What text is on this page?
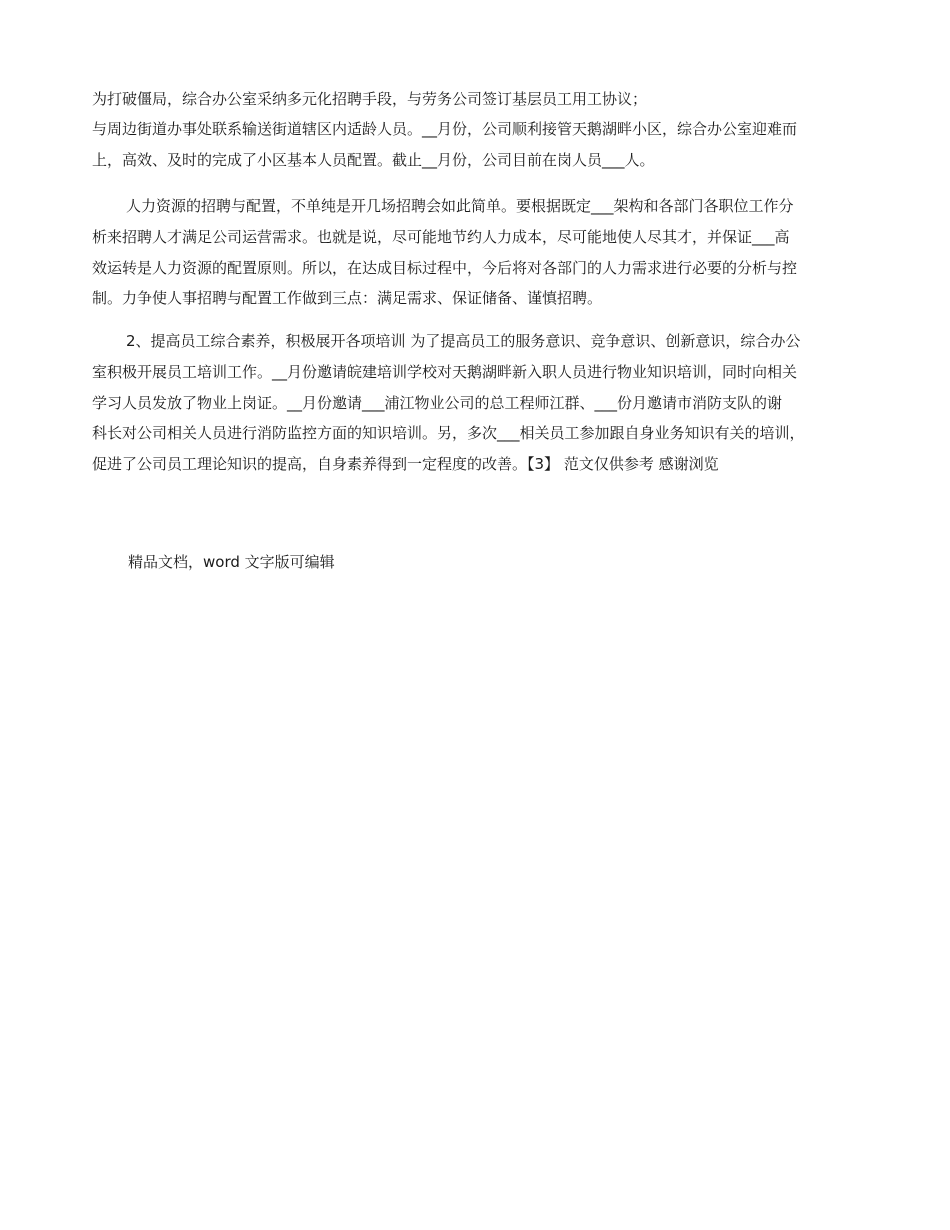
为打破僵局，综合办公室采纳多元化招聘手段，与劳务公司签订基层员工用工协议；
与周边街道办事处联系输送街道辖区内适龄人员。__月份，公司顺利接管天鹅湖畔小区，综合办公室迎难而
上，高效、及时的完成了小区基本人员配置。截止__月份，公司目前在岗人员___人。
人力资源的招聘与配置，不单纯是开几场招聘会如此简单。要根据既定___架构和各部门各职位工作分
析来招聘人才满足公司运营需求。也就是说，尽可能地节约人力成本，尽可能地使人尽其才，并保证___高
效运转是人力资源的配置原则。所以，在达成目标过程中，今后将对各部门的人力需求进行必要的分析与控
制。力争使人事招聘与配置工作做到三点：满足需求、保证储备、谨慎招聘。
2、提高员工综合素养，积极展开各项培训 为了提高员工的服务意识、竞争意识、创新意识，综合办公
室积极开展员工培训工作。__月份邀请皖建培训学校对天鹅湖畔新入职人员进行物业知识培训，同时向相关
学习人员发放了物业上岗证。__月份邀请___浦江物业公司的总工程师江群、___份月邀请市消防支队的谢
科长对公司相关人员进行消防监控方面的知识培训。另，多次___相关员工参加跟自身业务知识有关的培训，
促进了公司员工理论知识的提高，自身素养得到一定程度的改善。【3】 范文仅供参考 感谢浏览
精品文档，word 文字版可编辑
